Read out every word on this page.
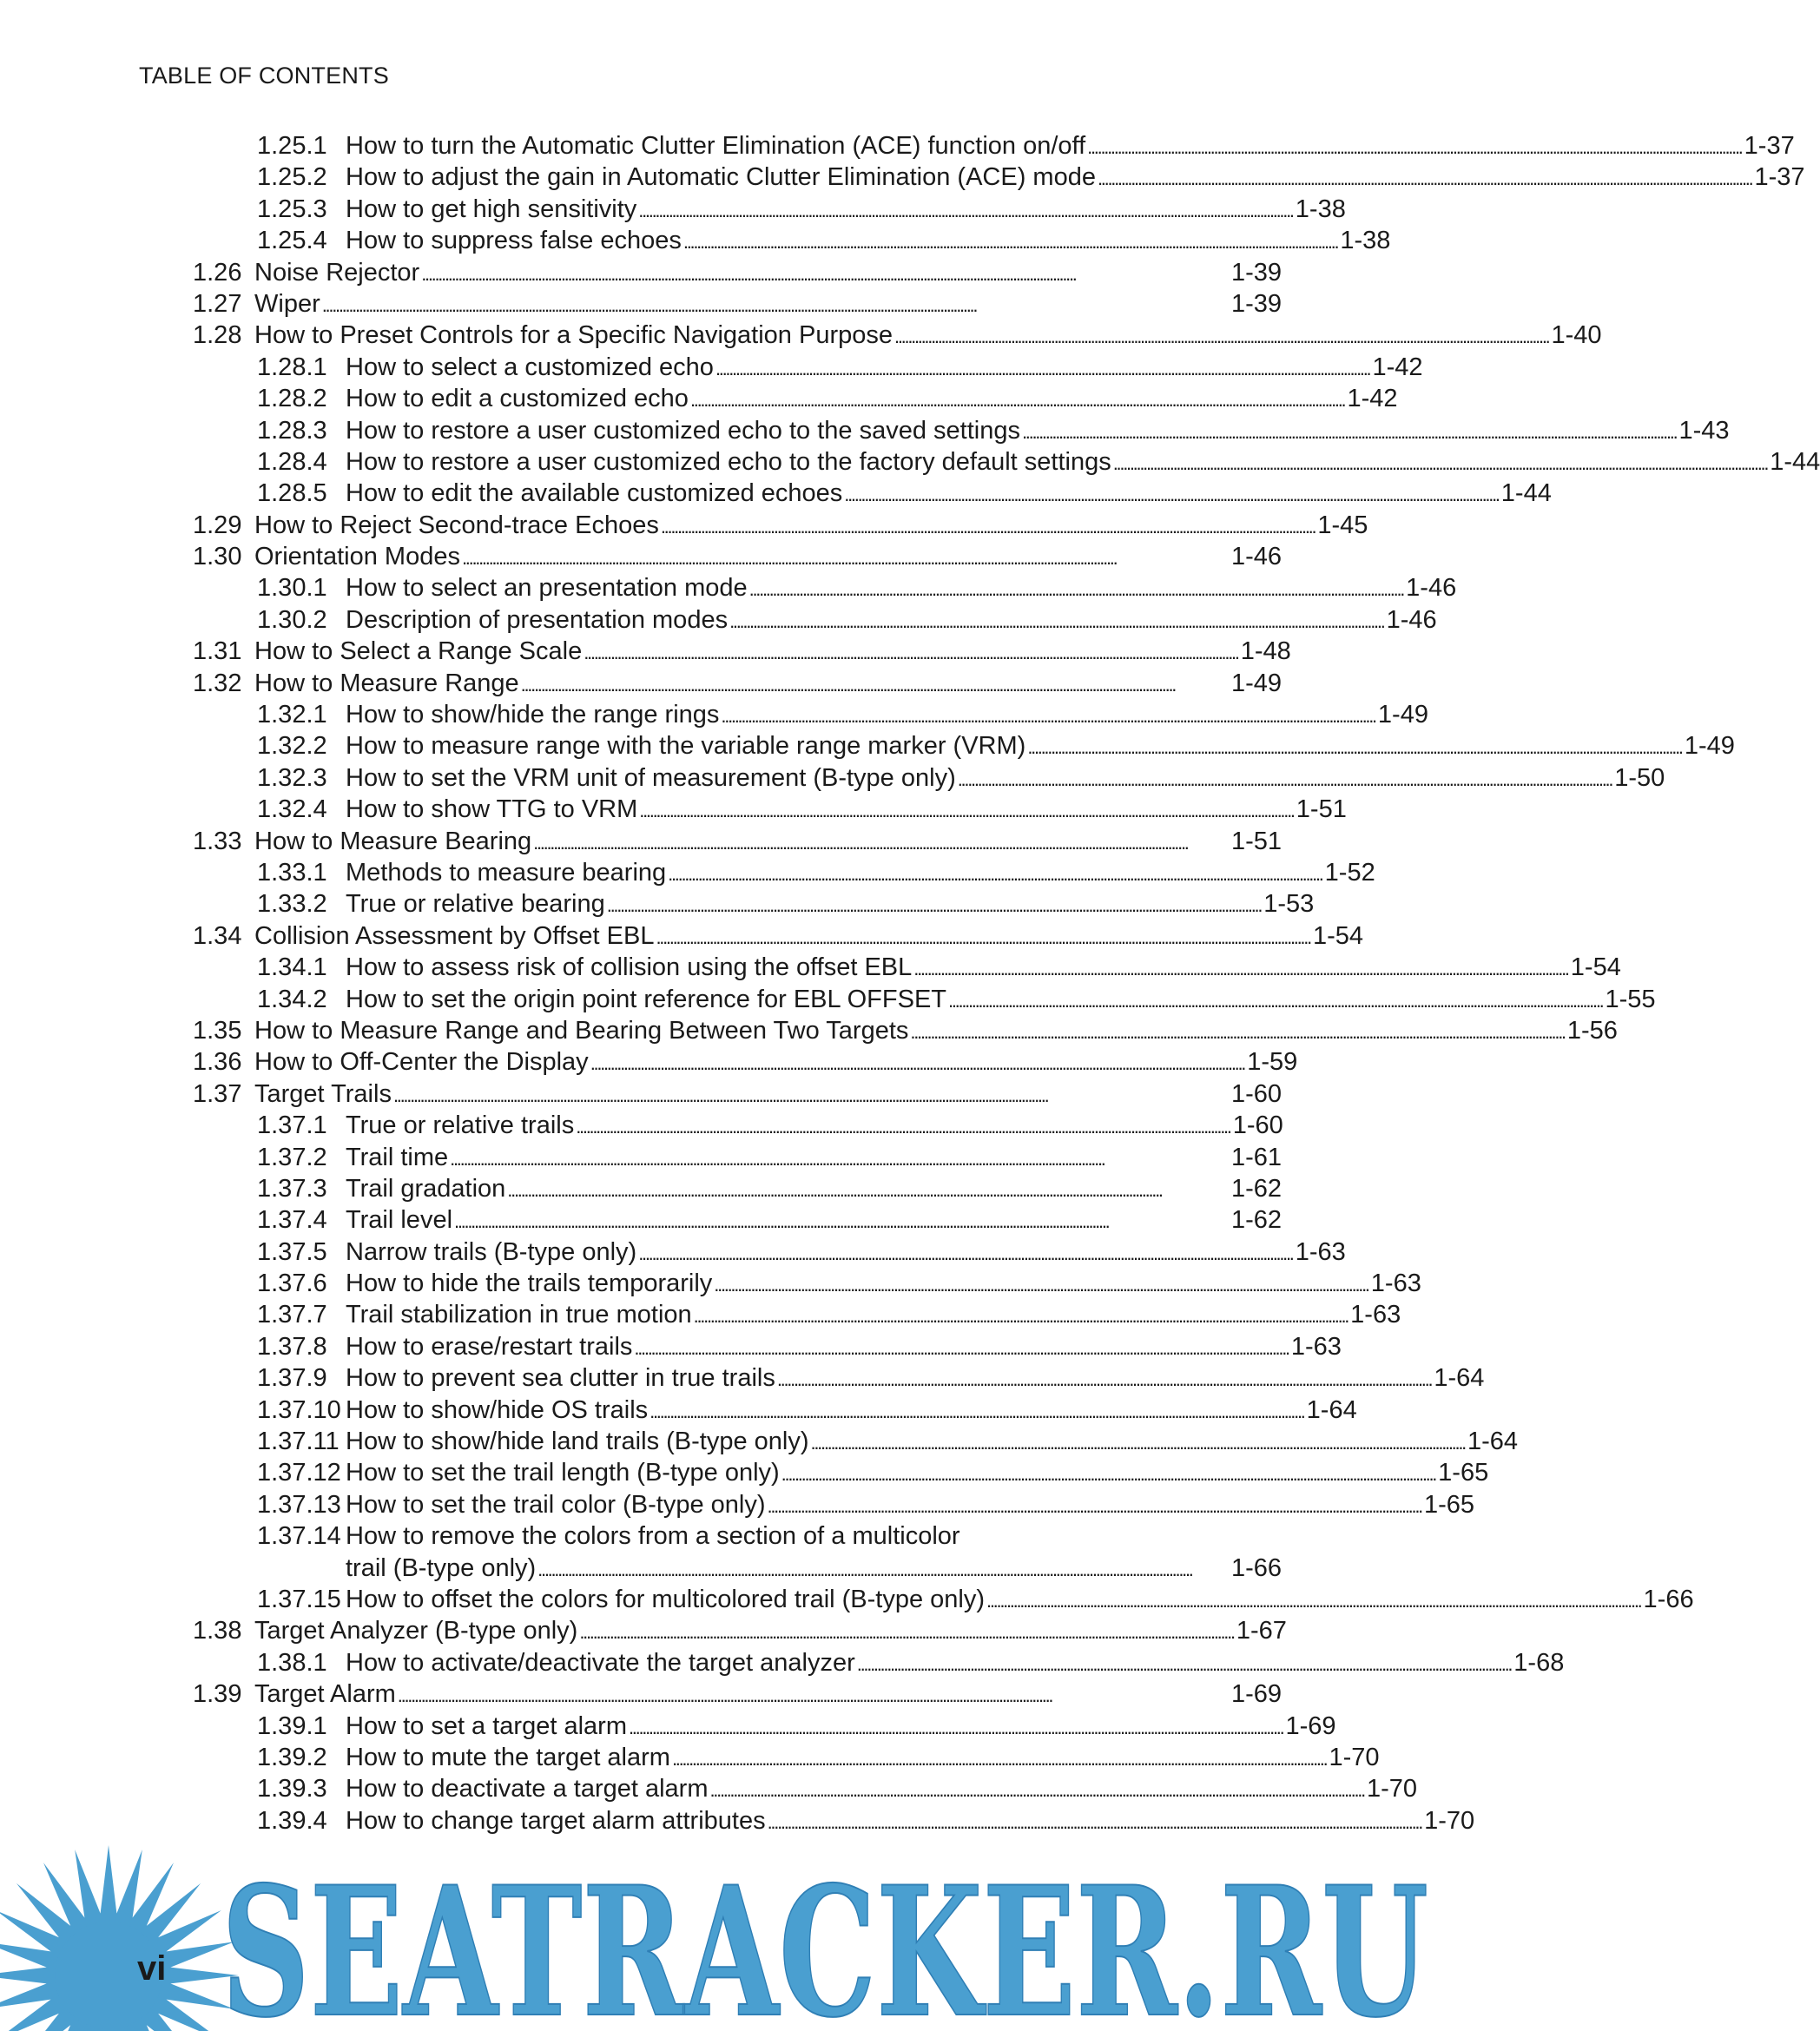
TABLE OF CONTENTS
1.25.1 How to turn the Automatic Clutter Elimination (ACE) function on/off . . .	1-37
1.25.2 How to adjust the gain in Automatic Clutter Elimination (ACE) mode . . .	1-37
1.25.3 How to get high sensitivity . . .	1-38
1.25.4 How to suppress false echoes . . .	1-38
1.26 Noise Rejector . . .	1-39
1.27 Wiper . . .	1-39
1.28 How to Preset Controls for a Specific Navigation Purpose . . .	1-40
1.28.1 How to select a customized echo . . .	1-42
1.28.2 How to edit a customized echo . . .	1-42
1.28.3 How to restore a user customized echo to the saved settings . . .	1-43
1.28.4 How to restore a user customized echo to the factory default settings . . .	1-44
1.28.5 How to edit the available customized echoes . . .	1-44
1.29 How to Reject Second-trace Echoes . . .	1-45
1.30 Orientation Modes . . .	1-46
1.30.1 How to select an presentation mode . . .	1-46
1.30.2 Description of presentation modes . . .	1-46
1.31 How to Select a Range Scale . . .	1-48
1.32 How to Measure Range . . .	1-49
1.32.1 How to show/hide the range rings . . .	1-49
1.32.2 How to measure range with the variable range marker (VRM) . . .	1-49
1.32.3 How to set the VRM unit of measurement (B-type only) . . .	1-50
1.32.4 How to show TTG to VRM . . .	1-51
1.33 How to Measure Bearing . . .	1-51
1.33.1 Methods to measure bearing . . .	1-52
1.33.2 True or relative bearing . . .	1-53
1.34 Collision Assessment by Offset EBL . . .	1-54
1.34.1 How to assess risk of collision using the offset EBL . . .	1-54
1.34.2 How to set the origin point reference for EBL OFFSET . . .	1-55
1.35 How to Measure Range and Bearing Between Two Targets . . .	1-56
1.36 How to Off-Center the Display . . .	1-59
1.37 Target Trails . . .	1-60
1.37.1 True or relative trails . . .	1-60
1.37.2 Trail time . . .	1-61
1.37.3 Trail gradation . . .	1-62
1.37.4 Trail level . . .	1-62
1.37.5 Narrow trails (B-type only) . . .	1-63
1.37.6 How to hide the trails temporarily . . .	1-63
1.37.7 Trail stabilization in true motion . . .	1-63
1.37.8 How to erase/restart trails . . .	1-63
1.37.9 How to prevent sea clutter in true trails . . .	1-64
1.37.10 How to show/hide OS trails . . .	1-64
1.37.11 How to show/hide land trails (B-type only) . . .	1-64
1.37.12 How to set the trail length (B-type only) . . .	1-65
1.37.13 How to set the trail color (B-type only) . . .	1-65
1.37.14 How to remove the colors from a section of a multicolor
trail (B-type only) . . .	1-66
1.37.15 How to offset the colors for multicolored trail (B-type only) . . .	1-66
1.38 Target Analyzer (B-type only) . . .	1-67
1.38.1 How to activate/deactivate the target analyzer . . .	1-68
1.39 Target Alarm . . .	1-69
1.39.1 How to set a target alarm . . .	1-69
1.39.2 How to mute the target alarm . . .	1-70
1.39.3 How to deactivate a target alarm . . .	1-70
1.39.4 How to change target alarm attributes . . .	1-70
SEATRACKER.RU
vi
